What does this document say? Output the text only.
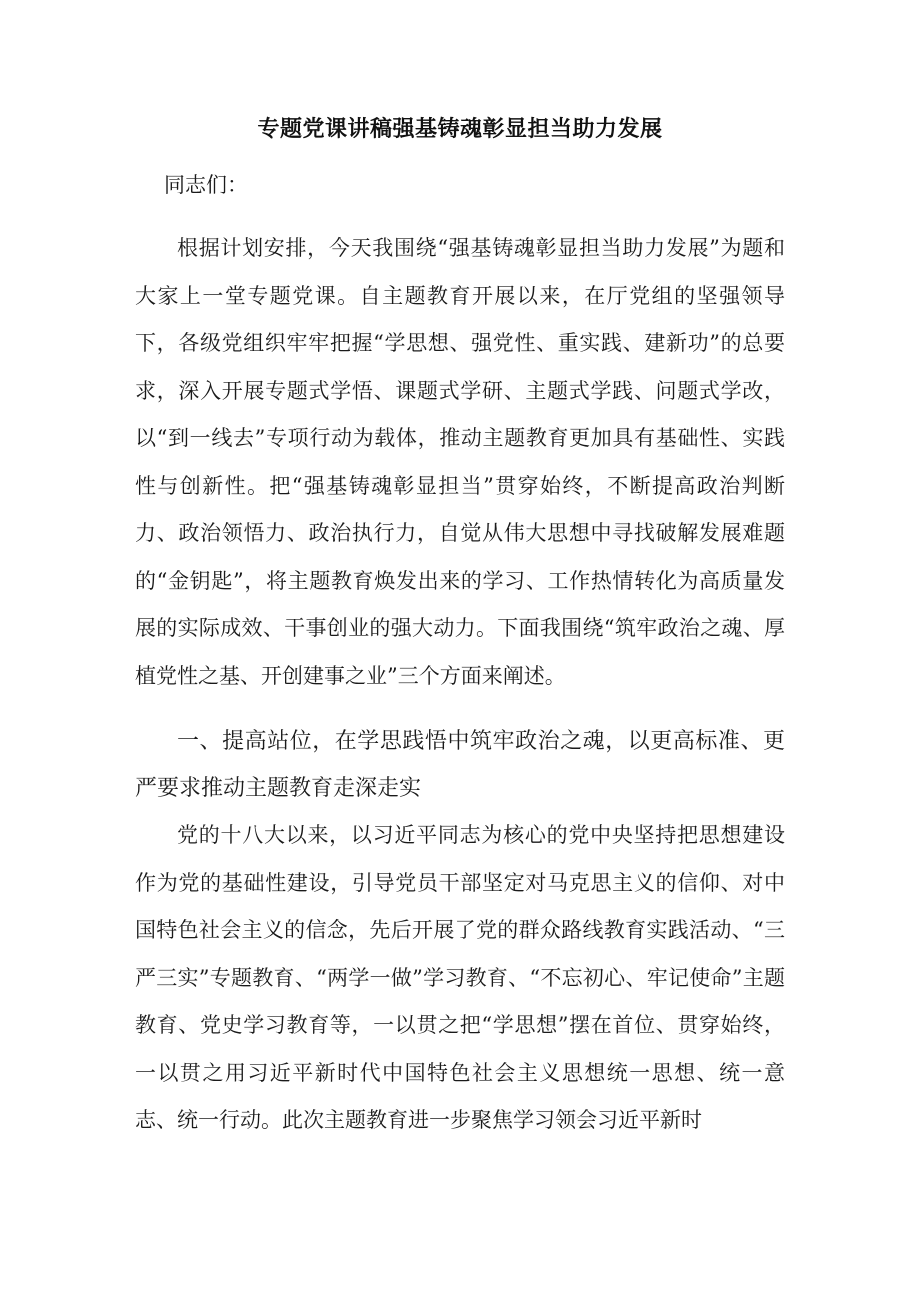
专题党课讲稿强基铸魂彰显担当助力发展
同志们：

根据计划安排，今天我围绕“强基铸魂彰显担当助力发展”为题和大家上一堂专题党课。自主题教育开展以来，在厅党组的坚强领导下，各级党组织牢牢把握“学思想、强党性、重实践、建新功”的总要求，深入开展专题式学悟、课题式学研、主题式学践、问题式学改，以“到一线去”专项行动为载体，推动主题教育更加具有基础性、实践性与创新性。把“强基铸魂彰显担当”贯穿始终，不断提高政治判断力、政治领悟力、政治执行力，自觉从伟大思想中寻找破解发展难题的“金钥匙”，将主题教育焕发出来的学习、工作热情转化为高质量发展的实际成效、干事创业的强大动力。下面我围绕“筑牢政治之魂、厚植党性之基、开创建事之业”三个方面来阐述。

一、提高站位，在学思践悟中筑牢政治之魂，以更高标准、更严要求推动主题教育走深走实

党的十八大以来，以习近平同志为核心的党中央坚持把思想建设作为党的基础性建设，引导党员干部坚定对马克思主义的信仰、对中国特色社会主义的信念，先后开展了党的群众路线教育实践活动、“三严三实”专题教育、“两学一做”学习教育、“不忘初心、牢记使命”主题教育、党史学习教育等，一以贯之把“学思想”摆在首位、贯穿始终，一以贯之用习近平新时代中国特色社会主义思想统一思想、统一意志、统一行动。此次主题教育进一步聚焦学习领会习近平新时
